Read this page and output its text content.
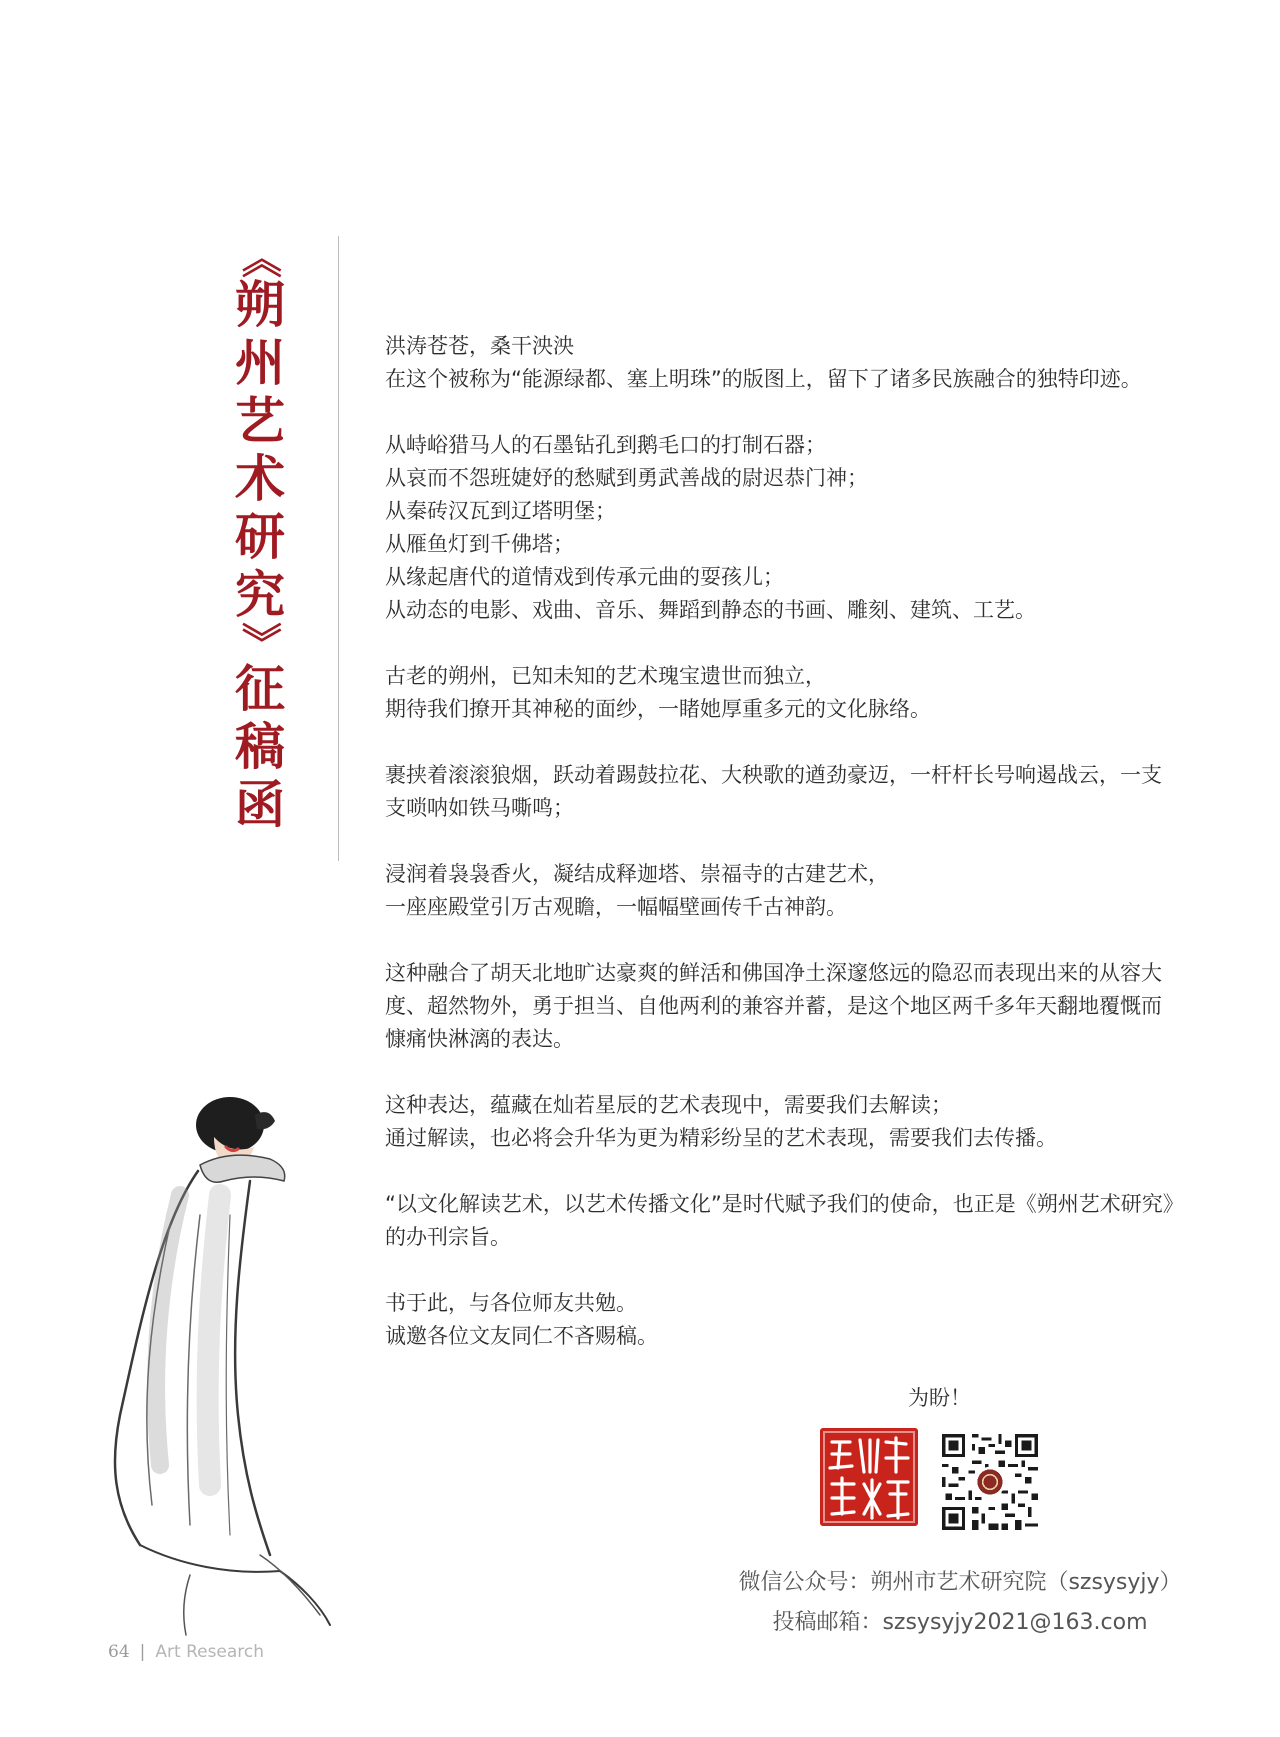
《
朔
州
艺
术
研
究
》
征
稿
函

洪涛苍苍，桑干泱泱
在这个被称为“能源绿都、塞上明珠”的版图上，留下了诸多民族融合的独特印迹。

从峙峪猎马人的石墨钻孔到鹅毛口的打制石器；
从哀而不怨班婕妤的愁赋到勇武善战的尉迟恭门神；
从秦砖汉瓦到辽塔明堡；
从雁鱼灯到千佛塔；
从缘起唐代的道情戏到传承元曲的耍孩儿；
从动态的电影、戏曲、音乐、舞蹈到静态的书画、雕刻、建筑、工艺。

古老的朔州，已知未知的艺术瑰宝遗世而独立，
期待我们撩开其神秘的面纱，一睹她厚重多元的文化脉络。

裹挟着滚滚狼烟，跃动着踢鼓拉花、大秧歌的遒劲豪迈，一杆杆长号响遏战云，一支支唢呐如铁马嘶鸣；

浸润着袅袅香火，凝结成释迦塔、崇福寺的古建艺术，
一座座殿堂引万古观瞻，一幅幅壁画传千古神韵。

这种融合了胡天北地旷达豪爽的鲜活和佛国净土深邃悠远的隐忍而表现出来的从容大度、超然物外，勇于担当、自他两利的兼容并蓄，是这个地区两千多年天翻地覆慨而慷痛快淋漓的表达。

这种表达，蕴藏在灿若星辰的艺术表现中，需要我们去解读；
通过解读，也必将会升华为更为精彩纷呈的艺术表现，需要我们去传播。

“以文化解读艺术，以艺术传播文化”是时代赋予我们的使命，也正是《朔州艺术研究》的办刊宗旨。

书于此，与各位师友共勉。
诚邀各位文友同仁不吝赐稿。

为盼！
微信公众号：朔州市艺术研究院（szsysyjy）
投稿邮箱：szsysyjy2021@163.com
64 | Art Research
